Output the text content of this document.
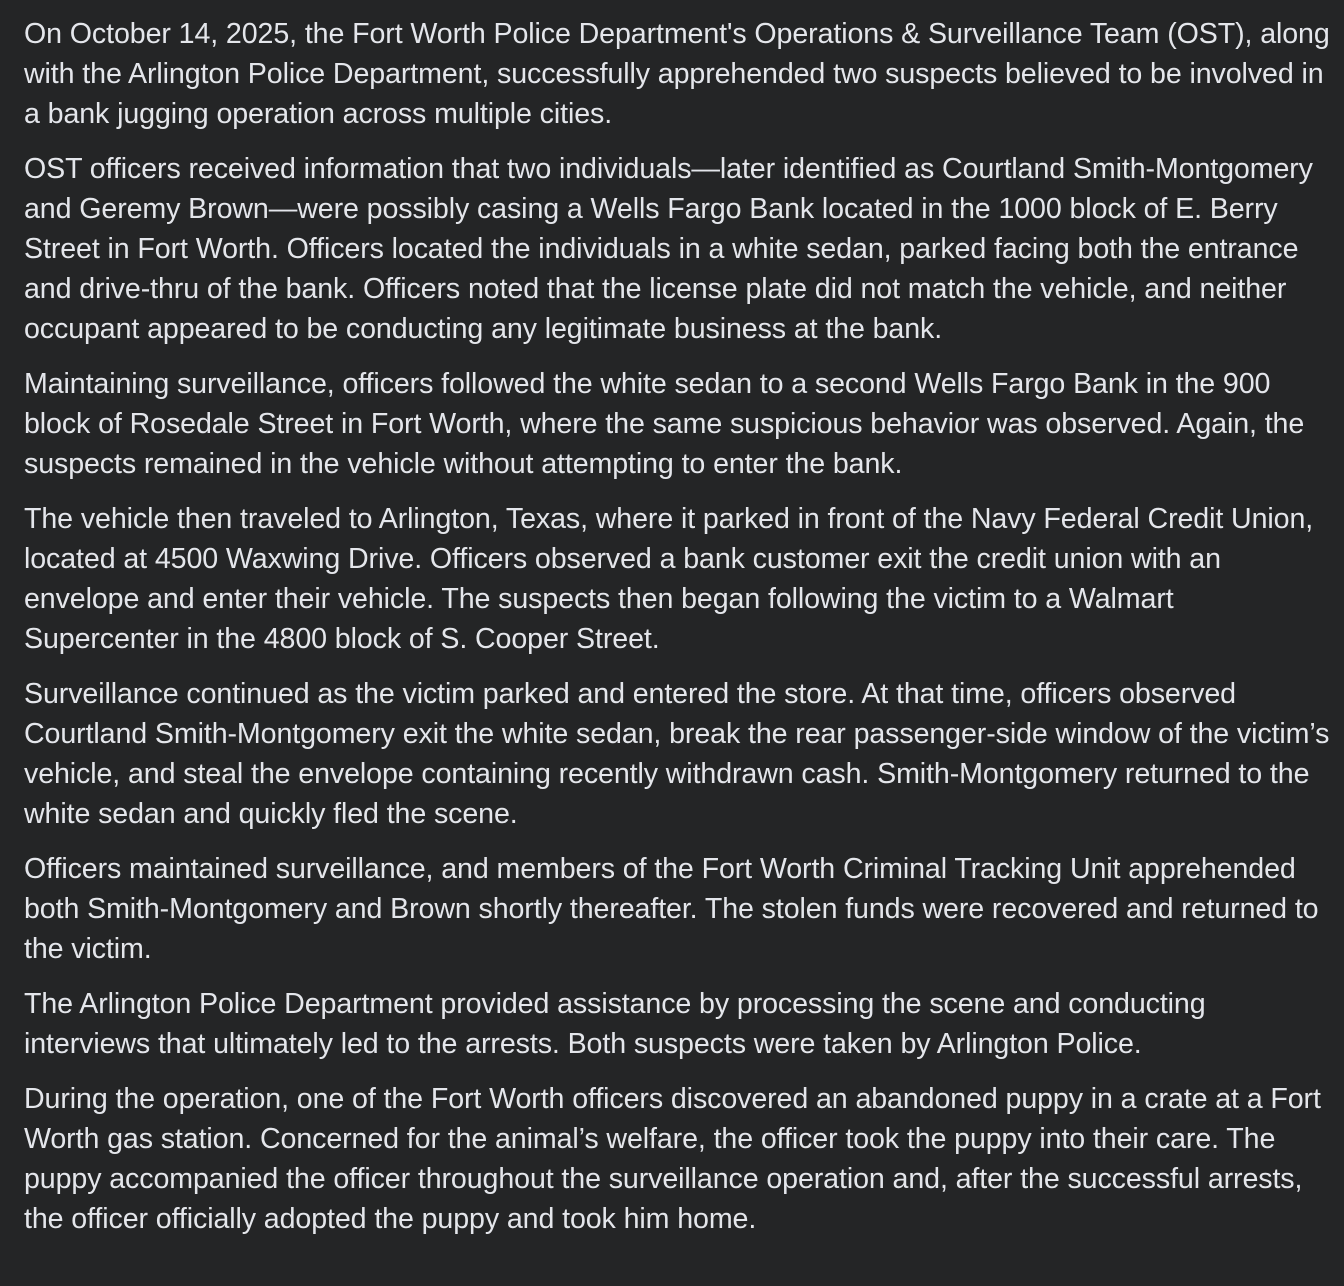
On October 14, 2025, the Fort Worth Police Department's Operations & Surveillance Team (OST), along with the Arlington Police Department, successfully apprehended two suspects believed to be involved in a bank jugging operation across multiple cities.

OST officers received information that two individuals—later identified as Courtland Smith-Montgomery and Geremy Brown—were possibly casing a Wells Fargo Bank located in the 1000 block of E. Berry Street in Fort Worth. Officers located the individuals in a white sedan, parked facing both the entrance and drive-thru of the bank. Officers noted that the license plate did not match the vehicle, and neither occupant appeared to be conducting any legitimate business at the bank.

Maintaining surveillance, officers followed the white sedan to a second Wells Fargo Bank in the 900 block of Rosedale Street in Fort Worth, where the same suspicious behavior was observed. Again, the suspects remained in the vehicle without attempting to enter the bank.

The vehicle then traveled to Arlington, Texas, where it parked in front of the Navy Federal Credit Union, located at 4500 Waxwing Drive. Officers observed a bank customer exit the credit union with an envelope and enter their vehicle. The suspects then began following the victim to a Walmart Supercenter in the 4800 block of S. Cooper Street.

Surveillance continued as the victim parked and entered the store. At that time, officers observed Courtland Smith-Montgomery exit the white sedan, break the rear passenger-side window of the victim’s vehicle, and steal the envelope containing recently withdrawn cash. Smith-Montgomery returned to the white sedan and quickly fled the scene.

Officers maintained surveillance, and members of the Fort Worth Criminal Tracking Unit apprehended both Smith-Montgomery and Brown shortly thereafter. The stolen funds were recovered and returned to the victim.

The Arlington Police Department provided assistance by processing the scene and conducting interviews that ultimately led to the arrests. Both suspects were taken by Arlington Police.

During the operation, one of the Fort Worth officers discovered an abandoned puppy in a crate at a Fort Worth gas station. Concerned for the animal’s welfare, the officer took the puppy into their care. The puppy accompanied the officer throughout the surveillance operation and, after the successful arrests, the officer officially adopted the puppy and took him home.
